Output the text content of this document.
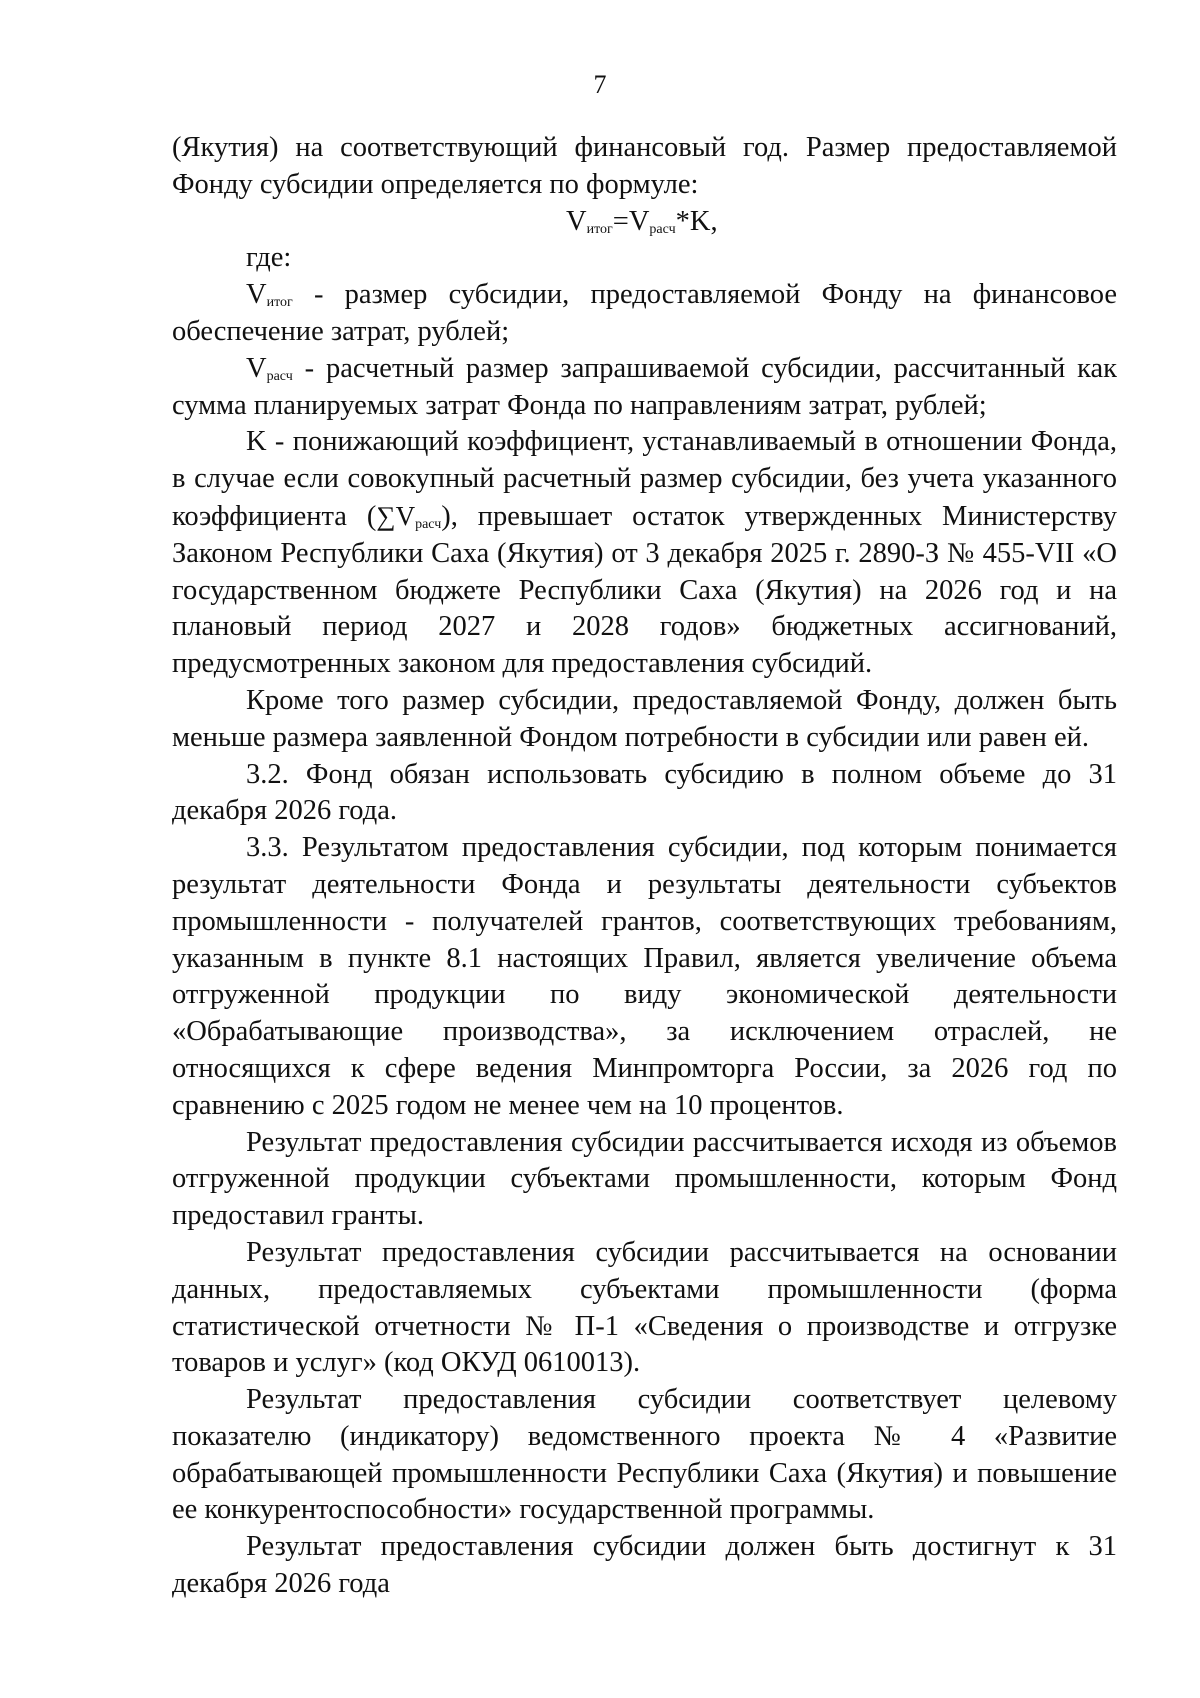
7

(Якутия) на соответствующий финансовый год. Размер предоставляемой Фонду субсидии определяется по формуле:

$V_{итог}=V_{расч}*K$,

где:

$V_{итог}$ - размер субсидии, предоставляемой Фонду на финансовое обеспечение затрат, рублей;

$V_{расч}$ - расчетный размер запрашиваемой субсидии, рассчитанный как сумма планируемых затрат Фонда по направлениям затрат, рублей;

K - понижающий коэффициент, устанавливаемый в отношении Фонда, в случае если совокупный расчетный размер субсидии, без учета указанного коэффициента $(\sum V_{расч})$, превышает остаток утвержденных Министерству Законом Республики Саха (Якутия) от 3 декабря 2025 г. 2890-З № 455-VII «О государственном бюджете Республики Саха (Якутия) на 2026 год и на плановый период 2027 и 2028 годов» бюджетных ассигнований, предусмотренных законом для предоставления субсидий.

Кроме того размер субсидии, предоставляемой Фонду, должен быть меньше размера заявленной Фондом потребности в субсидии или равен ей.

3.2. Фонд обязан использовать субсидию в полном объеме до 31 декабря 2026 года.

3.3. Результатом предоставления субсидии, под которым понимается результат деятельности Фонда и результаты деятельности субъектов промышленности - получателей грантов, соответствующих требованиям, указанным в пункте 8.1 настоящих Правил, является увеличение объема отгруженной продукции по виду экономической деятельности «Обрабатывающие производства», за исключением отраслей, не относящихся к сфере ведения Минпромторга России, за 2026 год по сравнению с 2025 годом не менее чем на 10 процентов.

Результат предоставления субсидии рассчитывается исходя из объемов отгруженной продукции субъектами промышленности, которым Фонд предоставил гранты.

Результат предоставления субсидии рассчитывается на основании данных, предоставляемых субъектами промышленности (форма статистической отчетности № П-1 «Сведения о производстве и отгрузке товаров и услуг» (код ОКУД 0610013).

Результат предоставления субсидии соответствует целевому показателю (индикатору) ведомственного проекта № 4 «Развитие обрабатывающей промышленности Республики Саха (Якутия) и повышение ее конкурентоспособности» государственной программы.

Результат предоставления субсидии должен быть достигнут к 31 декабря 2026 года
